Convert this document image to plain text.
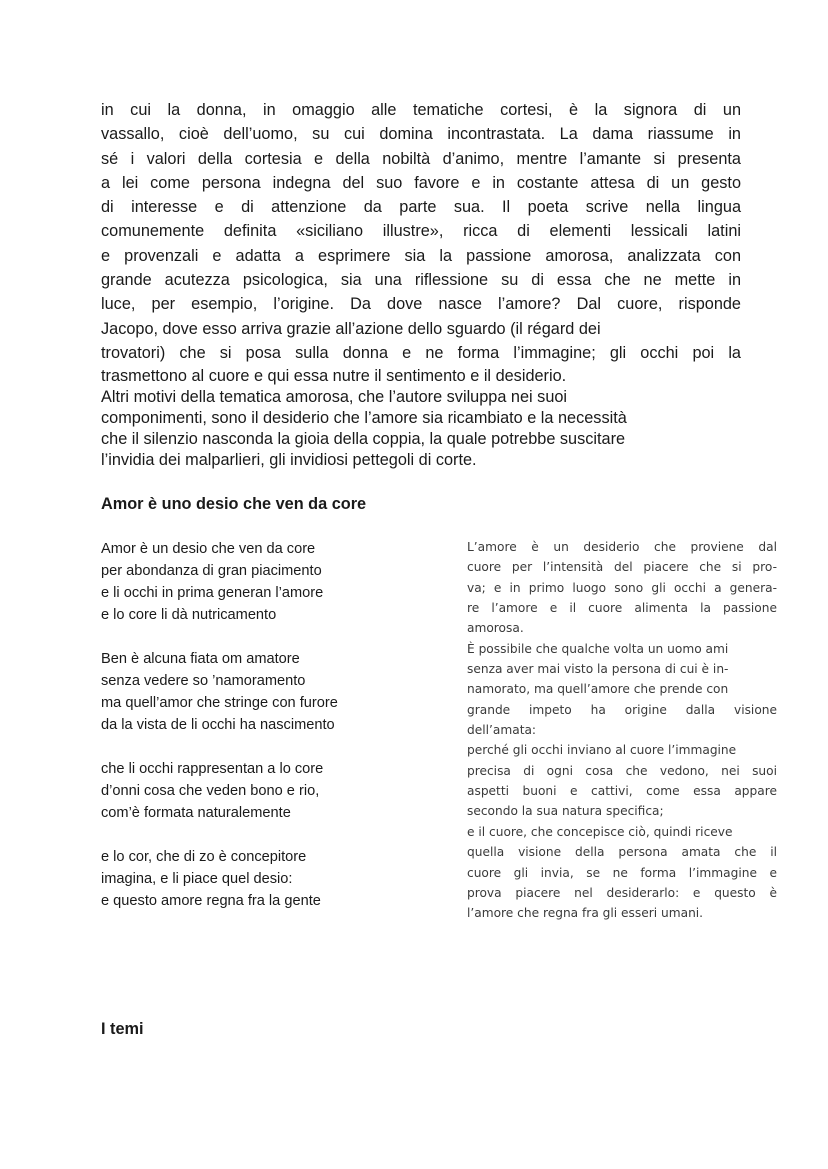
in cui la donna, in omaggio alle tematiche cortesi, è la signora di un
vassallo, cioè dell’uomo, su cui domina incontrastata. La dama riassume in
sé i valori della cortesia e della nobiltà d’animo, mentre l’amante si presenta
a lei come persona indegna del suo favore e in costante attesa di un gesto
di interesse e di attenzione da parte sua. Il poeta scrive nella lingua
comunemente definita «siciliano illustre», ricca di elementi lessicali latini
e provenzali e adatta a esprimere sia la passione amorosa, analizzata con
grande acutezza psicologica, sia una riflessione su di essa che ne mette in
luce, per esempio, l’origine. Da dove nasce l’amore? Dal cuore, risponde
Jacopo, dove esso arriva grazie all’azione dello sguardo (il régard dei
trovatori) che si posa sulla donna e ne forma l’immagine; gli occhi poi la
trasmettono al cuore e qui essa nutre il sentimento e il desiderio.
Altri motivi della tematica amorosa, che l’autore sviluppa nei suoi
componimenti, sono il desiderio che l’amore sia ricambiato e la necessità
che il silenzio nasconda la gioia della coppia, la quale potrebbe suscitare
l’invidia dei malparlieri, gli invidiosi pettegoli di corte.
Amor è uno desio che ven da core
Amor è un desio che ven da core
per abondanza di gran piacimento
e li occhi in prima generan l’amore
e lo core li dà nutricamento
Ben è alcuna fiata om amatore
senza vedere so ’namoramento
ma quell’amor che stringe con furore
da la vista de li occhi ha nascimento
che li occhi rappresentan a lo core
d’onni cosa che veden bono e rio,
com’è formata naturalemente
e lo cor, che di zo è concepitore
imagina, e li piace quel desio:
e questo amore regna fra la gente
L’amore è un desiderio che proviene dal
cuore per l’intensità del piacere che si pro-
va; e in primo luogo sono gli occhi a genera-
re l’amore e il cuore alimenta la passione
amorosa.
È possibile che qualche volta un uomo ami
senza aver mai visto la persona di cui è in-
namorato, ma quell’amore che prende con
grande impeto ha origine dalla visione
dell’amata:
perché gli occhi inviano al cuore l’immagine
precisa di ogni cosa che vedono, nei suoi
aspetti buoni e cattivi, come essa appare
secondo la sua natura specifica;
e il cuore, che concepisce ciò, quindi riceve
quella visione della persona amata che il
cuore gli invia, se ne forma l’immagine e
prova piacere nel desiderarlo: e questo è
l’amore che regna fra gli esseri umani.
I temi
